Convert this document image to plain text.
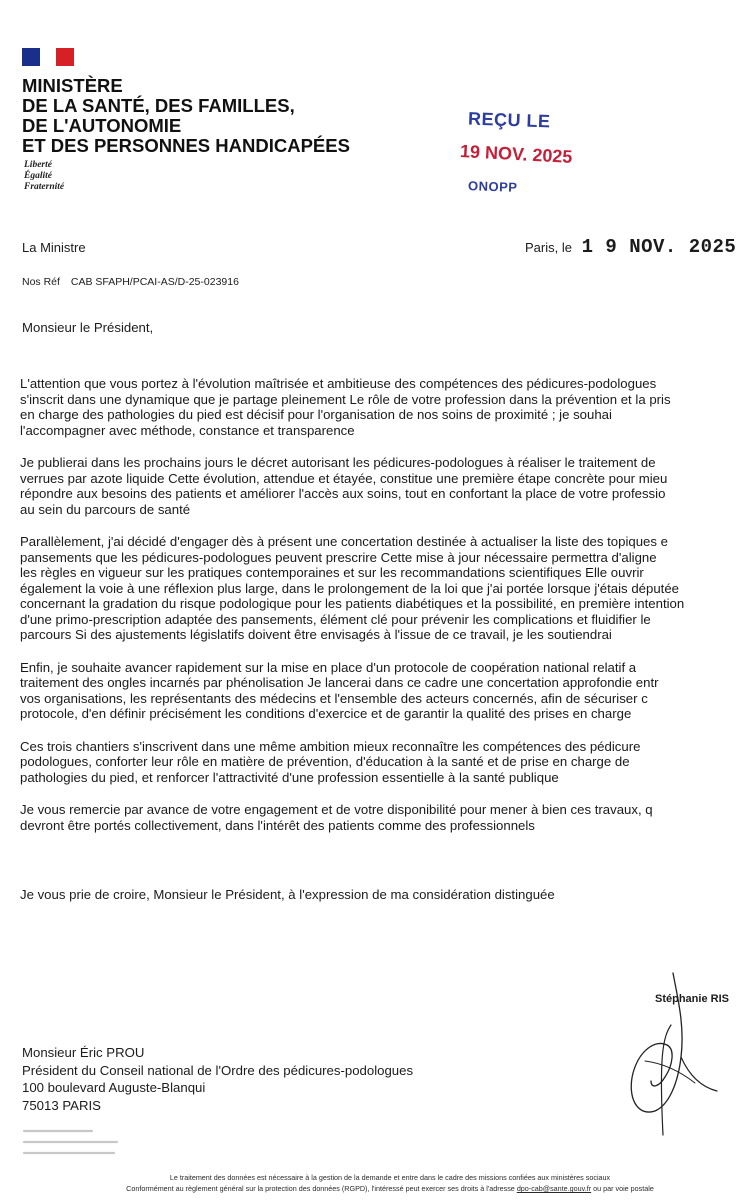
MINISTÈRE
DE LA SANTÉ, DES FAMILLES,
DE L'AUTONOMIE
ET DES PERSONNES HANDICAPÉES
Liberté
Égalité
Fraternité
REÇU LE
19 NOV. 2025
ONOPP
La Ministre	Paris, le 1 9 NOV. 2025
Nos Réf CAB SFAPH/PCAI-AS/D-25-023916
Monsieur le Président,

L'attention que vous portez à l'évolution maîtrisée et ambitieuse des compétences des pédicures-podologues
s'inscrit dans une dynamique que je partage pleinement Le rôle de votre profession dans la prévention et la pris
en charge des pathologies du pied est décisif pour l'organisation de nos soins de proximité ; je souhai
l'accompagner avec méthode, constance et transparence

Je publierai dans les prochains jours le décret autorisant les pédicures-podologues à réaliser le traitement de
verrues par azote liquide Cette évolution, attendue et étayée, constitue une première étape concrète pour mieu
répondre aux besoins des patients et améliorer l'accès aux soins, tout en confortant la place de votre professio
au sein du parcours de santé

Parallèlement, j'ai décidé d'engager dès à présent une concertation destinée à actualiser la liste des topiques e
pansements que les pédicures-podologues peuvent prescrire Cette mise à jour nécessaire permettra d'aligne
les règles en vigueur sur les pratiques contemporaines et sur les recommandations scientifiques Elle ouvrir
également la voie à une réflexion plus large, dans le prolongement de la loi que j'ai portée lorsque j'étais députée
concernant la gradation du risque podologique pour les patients diabétiques et la possibilité, en première intention
d'une primo-prescription adaptée des pansements, élément clé pour prévenir les complications et fluidifier le
parcours Si des ajustements législatifs doivent être envisagés à l'issue de ce travail, je les soutiendrai

Enfin, je souhaite avancer rapidement sur la mise en place d'un protocole de coopération national relatif a
traitement des ongles incarnés par phénolisation Je lancerai dans ce cadre une concertation approfondie entr
vos organisations, les représentants des médecins et l'ensemble des acteurs concernés, afin de sécuriser c
protocole, d'en définir précisément les conditions d'exercice et de garantir la qualité des prises en charge

Ces trois chantiers s'inscrivent dans une même ambition mieux reconnaître les compétences des pédicure
podologues, conforter leur rôle en matière de prévention, d'éducation à la santé et de prise en charge de
pathologies du pied, et renforcer l'attractivité d'une profession essentielle à la santé publique

Je vous remercie par avance de votre engagement et de votre disponibilité pour mener à bien ces travaux, q
devront être portés collectivement, dans l'intérêt des patients comme des professionnels

Je vous prie de croire, Monsieur le Président, à l'expression de ma considération distinguée
Stéphanie RIS
Monsieur Éric PROU
Président du Conseil national de l'Ordre des pédicures-podologues
100 boulevard Auguste-Blanqui
75013 PARIS
Le traitement des données est nécessaire à la gestion de la demande et entre dans le cadre des missions confiées aux ministères sociaux
Conformément au règlement général sur la protection des données (RGPD), l'intéressé peut exercer ses droits à l'adresse dpo-cab@sante.gouv.fr ou par voie postale
